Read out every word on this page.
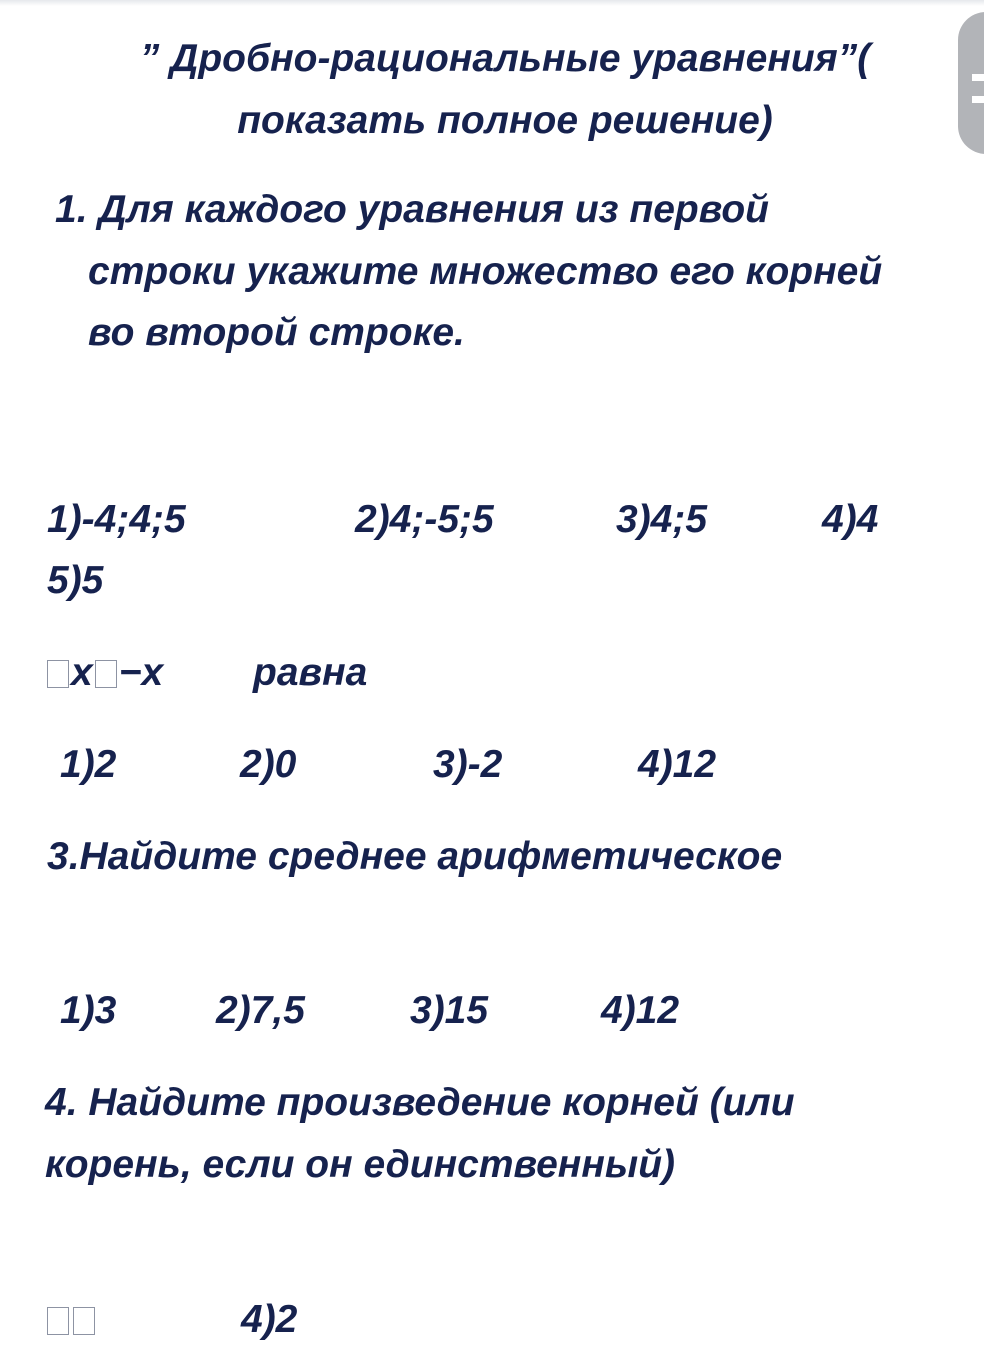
” Дробно-рациональные уравнения”(

показать полное решение)

1. Для каждого уравнения из первой

строки укажите множество его корней

во второй строке.

1)-4;4;5	2)4;-5;5	3)4;5	4)4

5)5

x −x равна

1)2	2)0	3)-2	4)12

3.Найдите среднее арифметическое

1)3	2)7,5	3)15	4)12

4. Найдите произведение корней (или

корень, если он единственный)

4)2
